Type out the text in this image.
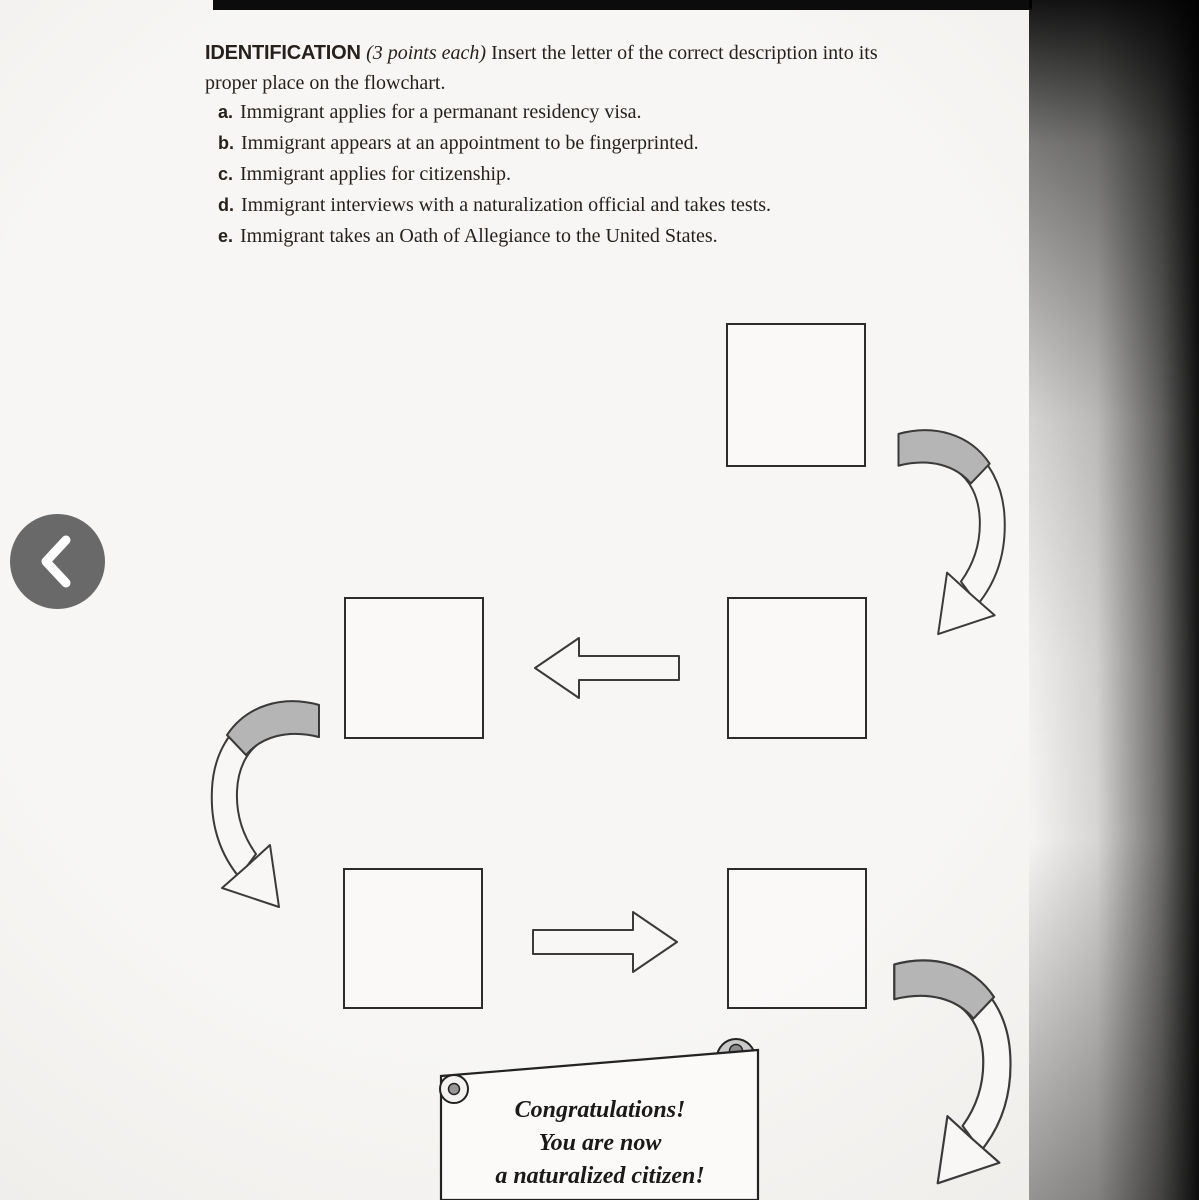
IDENTIFICATION (3 points each) Insert the letter of the correct description into its
proper place on the flowchart.
a. Immigrant applies for a permanant residency visa.
b. Immigrant appears at an appointment to be fingerprinted.
c. Immigrant applies for citizenship.
d. Immigrant interviews with a naturalization official and takes tests.
e. Immigrant takes an Oath of Allegiance to the United States.
Congratulations!
You are now
a naturalized citizen!
